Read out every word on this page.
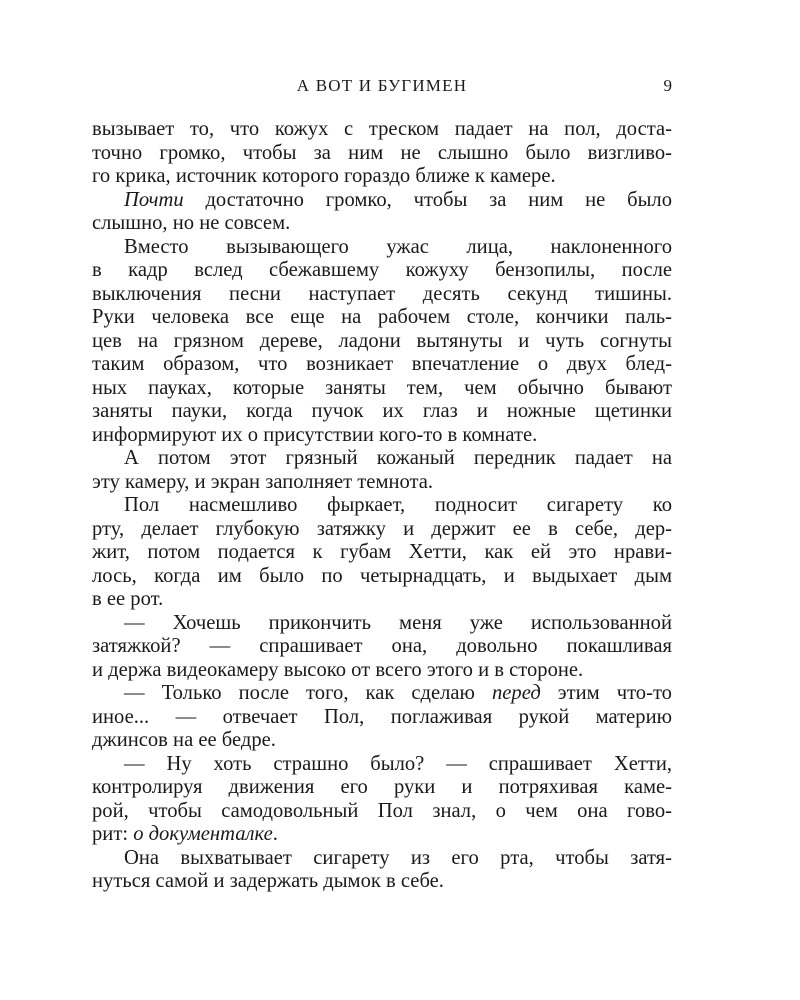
А ВОТ И БУГИМЕН	9
вызывает то, что кожух с треском падает на пол, доста-
точно громко, чтобы за ним не слышно было визгливо-
го крика, источник которого гораздо ближе к камере.
Почти достаточно громко, чтобы за ним не было
слышно, но не совсем.
Вместо вызывающего ужас лица, наклоненного
в кадр вслед сбежавшему кожуху бензопилы, после
выключения песни наступает десять секунд тишины.
Руки человека все еще на рабочем столе, кончики паль-
цев на грязном дереве, ладони вытянуты и чуть согнуты
таким образом, что возникает впечатление о двух блед-
ных пауках, которые заняты тем, чем обычно бывают
заняты пауки, когда пучок их глаз и ножные щетинки
информируют их о присутствии кого-то в комнате.
А потом этот грязный кожаный передник падает на
эту камеру, и экран заполняет темнота.
Пол насмешливо фыркает, подносит сигарету ко
рту, делает глубокую затяжку и держит ее в себе, дер-
жит, потом подается к губам Хетти, как ей это нрави-
лось, когда им было по четырнадцать, и выдыхает дым
в ее рот.
— Хочешь прикончить меня уже использованной
затяжкой? — спрашивает она, довольно покашливая
и держа видеокамеру высоко от всего этого и в стороне.
— Только после того, как сделаю перед этим что-то
иное... — отвечает Пол, поглаживая рукой материю
джинсов на ее бедре.
— Ну хоть страшно было? — спрашивает Хетти,
контролируя движения его руки и потряхивая камe-
рой, чтобы самодовольный Пол знал, о чем она гово-
рит: о документалке.
Она выхватывает сигарету из его рта, чтобы затя-
нуться самой и задержать дымок в себе.
